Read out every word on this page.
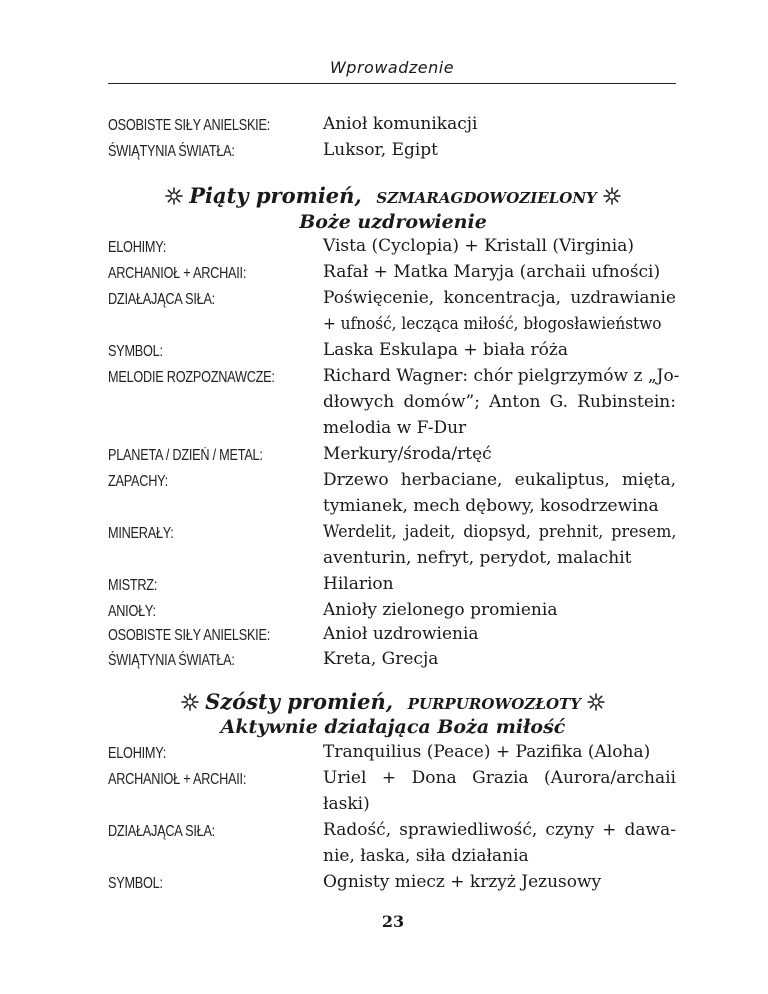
Wprowadzenie
OSOBISTE SIŁY ANIELSKIE:	Anioł komunikacji
ŚWIĄTYNIA ŚWIATŁA:	Luksor, Egipt
Piąty promień, SZMARAGDOWOZIELONY
Boże uzdrowienie
ELOHIMY:	Vista (Cyclopia) + Kristall (Virginia)
ARCHANIOŁ + ARCHAII:	Rafał + Matka Maryja (archaii ufności)
DZIAŁAJĄCA SIŁA:	Poświęcenie, koncentracja, uzdrawianie
+ ufność, lecząca miłość, błogosławieństwo
SYMBOL:	Laska Eskulapa + biała róża
MELODIE ROZPOZNAWCZE:	Richard Wagner: chór pielgrzymów z „Jo-
dłowych domów”; Anton G. Rubinstein:
melodia w F-Dur
PLANETA / DZIEŃ / METAL:	Merkury/środa/rtęć
ZAPACHY:	Drzewo herbaciane, eukaliptus, mięta,
tymianek, mech dębowy, kosodrzewina
MINERAŁY:	Werdelit, jadeit, diopsyd, prehnit, presem,
aventurin, nefryt, perydot, malachit
MISTRZ:	Hilarion
ANIOŁY:	Anioły zielonego promienia
OSOBISTE SIŁY ANIELSKIE:	Anioł uzdrowienia
ŚWIĄTYNIA ŚWIATŁA:	Kreta, Grecja
Szósty promień, PURPUROWOZŁOTY
Aktywnie działająca Boża miłość
ELOHIMY:	Tranquilius (Peace) + Pazifika (Aloha)
ARCHANIOŁ + ARCHAII:	Uriel + Dona Grazia (Aurora/archaii
łaski)
DZIAŁAJĄCA SIŁA:	Radość, sprawiedliwość, czyny + dawa-
nie, łaska, siła działania
SYMBOL:	Ognisty miecz + krzyż Jezusowy
23
